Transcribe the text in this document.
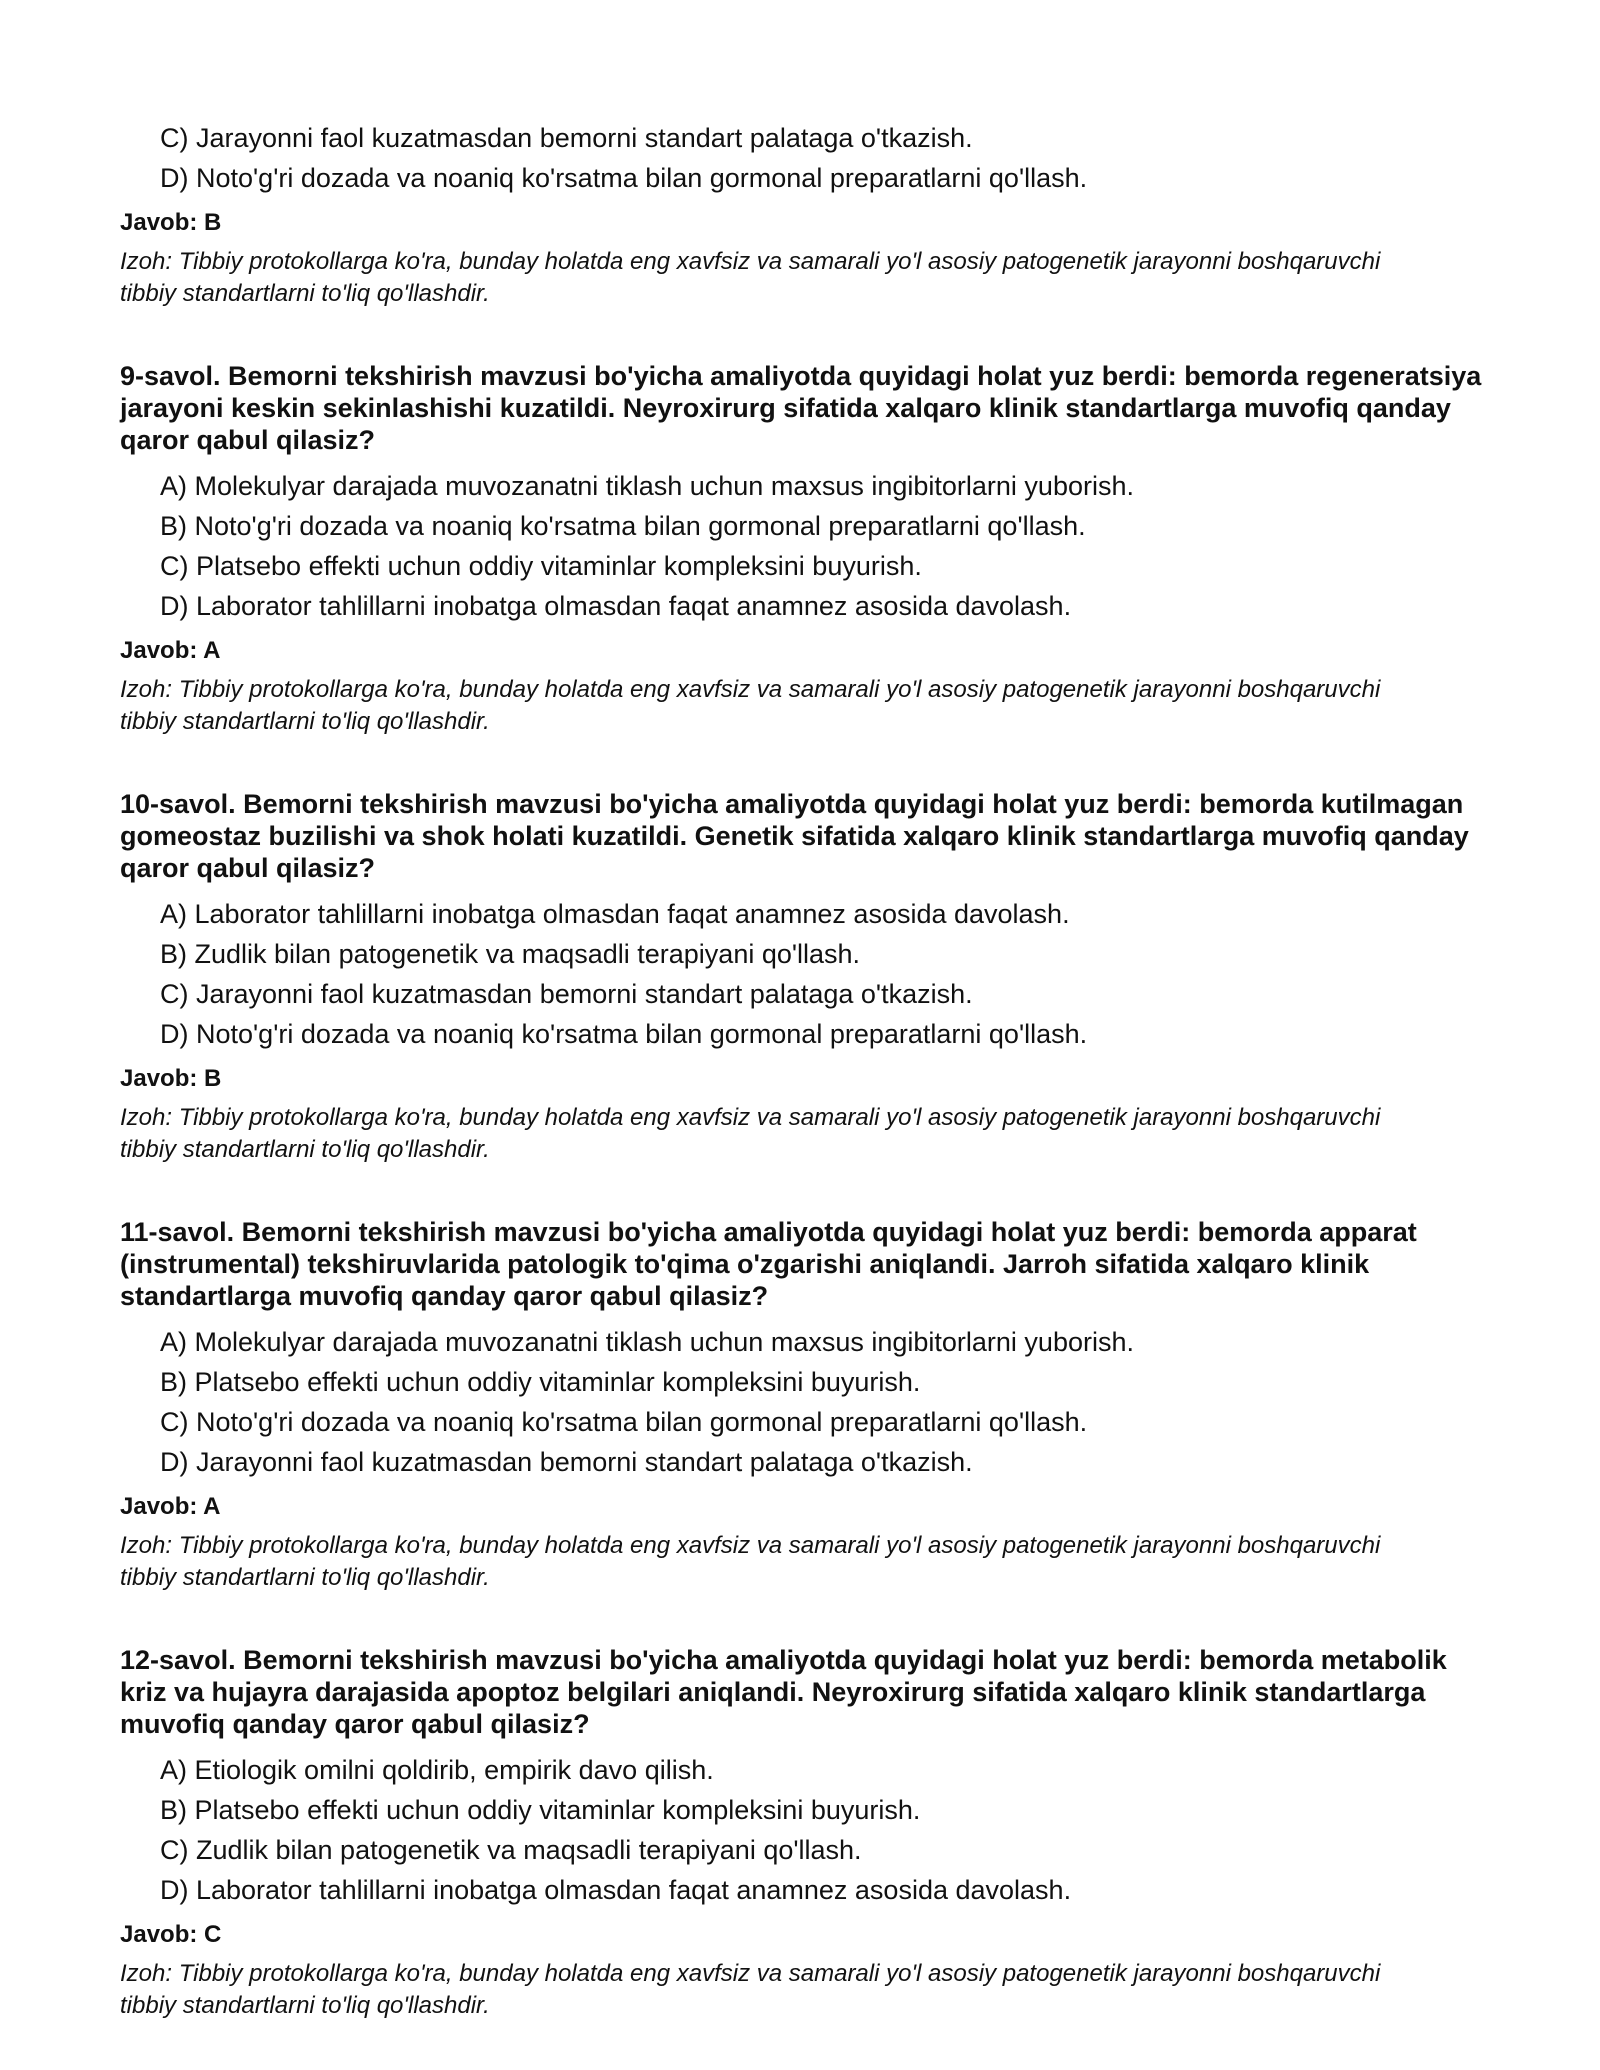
C) Jarayonni faol kuzatmasdan bemorni standart palataga o'tkazish.
D) Noto'g'ri dozada va noaniq ko'rsatma bilan gormonal preparatlarni qo'llash.
Javob: B
Izoh: Tibbiy protokollarga ko'ra, bunday holatda eng xavfsiz va samarali yo'l asosiy patogenetik jarayonni boshqaruvchi tibbiy standartlarni to'liq qo'llashdir.
9-savol. Bemorni tekshirish mavzusi bo'yicha amaliyotda quyidagi holat yuz berdi: bemorda regeneratsiya jarayoni keskin sekinlashishi kuzatildi. Neyroxirurg sifatida xalqaro klinik standartlarga muvofiq qanday qaror qabul qilasiz?
A) Molekulyar darajada muvozanatni tiklash uchun maxsus ingibitorlarni yuborish.
B) Noto'g'ri dozada va noaniq ko'rsatma bilan gormonal preparatlarni qo'llash.
C) Platsebo effekti uchun oddiy vitaminlar kompleksini buyurish.
D) Laborator tahlillarni inobatga olmasdan faqat anamnez asosida davolash.
Javob: A
Izoh: Tibbiy protokollarga ko'ra, bunday holatda eng xavfsiz va samarali yo'l asosiy patogenetik jarayonni boshqaruvchi tibbiy standartlarni to'liq qo'llashdir.
10-savol. Bemorni tekshirish mavzusi bo'yicha amaliyotda quyidagi holat yuz berdi: bemorda kutilmagan gomeostaz buzilishi va shok holati kuzatildi. Genetik sifatida xalqaro klinik standartlarga muvofiq qanday qaror qabul qilasiz?
A) Laborator tahlillarni inobatga olmasdan faqat anamnez asosida davolash.
B) Zudlik bilan patogenetik va maqsadli terapiyani qo'llash.
C) Jarayonni faol kuzatmasdan bemorni standart palataga o'tkazish.
D) Noto'g'ri dozada va noaniq ko'rsatma bilan gormonal preparatlarni qo'llash.
Javob: B
Izoh: Tibbiy protokollarga ko'ra, bunday holatda eng xavfsiz va samarali yo'l asosiy patogenetik jarayonni boshqaruvchi tibbiy standartlarni to'liq qo'llashdir.
11-savol. Bemorni tekshirish mavzusi bo'yicha amaliyotda quyidagi holat yuz berdi: bemorda apparat (instrumental) tekshiruvlarida patologik to'qima o'zgarishi aniqlandi. Jarroh sifatida xalqaro klinik standartlarga muvofiq qanday qaror qabul qilasiz?
A) Molekulyar darajada muvozanatni tiklash uchun maxsus ingibitorlarni yuborish.
B) Platsebo effekti uchun oddiy vitaminlar kompleksini buyurish.
C) Noto'g'ri dozada va noaniq ko'rsatma bilan gormonal preparatlarni qo'llash.
D) Jarayonni faol kuzatmasdan bemorni standart palataga o'tkazish.
Javob: A
Izoh: Tibbiy protokollarga ko'ra, bunday holatda eng xavfsiz va samarali yo'l asosiy patogenetik jarayonni boshqaruvchi tibbiy standartlarni to'liq qo'llashdir.
12-savol. Bemorni tekshirish mavzusi bo'yicha amaliyotda quyidagi holat yuz berdi: bemorda metabolik kriz va hujayra darajasida apoptoz belgilari aniqlandi. Neyroxirurg sifatida xalqaro klinik standartlarga muvofiq qanday qaror qabul qilasiz?
A) Etiologik omilni qoldirib, empirik davo qilish.
B) Platsebo effekti uchun oddiy vitaminlar kompleksini buyurish.
C) Zudlik bilan patogenetik va maqsadli terapiyani qo'llash.
D) Laborator tahlillarni inobatga olmasdan faqat anamnez asosida davolash.
Javob: C
Izoh: Tibbiy protokollarga ko'ra, bunday holatda eng xavfsiz va samarali yo'l asosiy patogenetik jarayonni boshqaruvchi tibbiy standartlarni to'liq qo'llashdir.
